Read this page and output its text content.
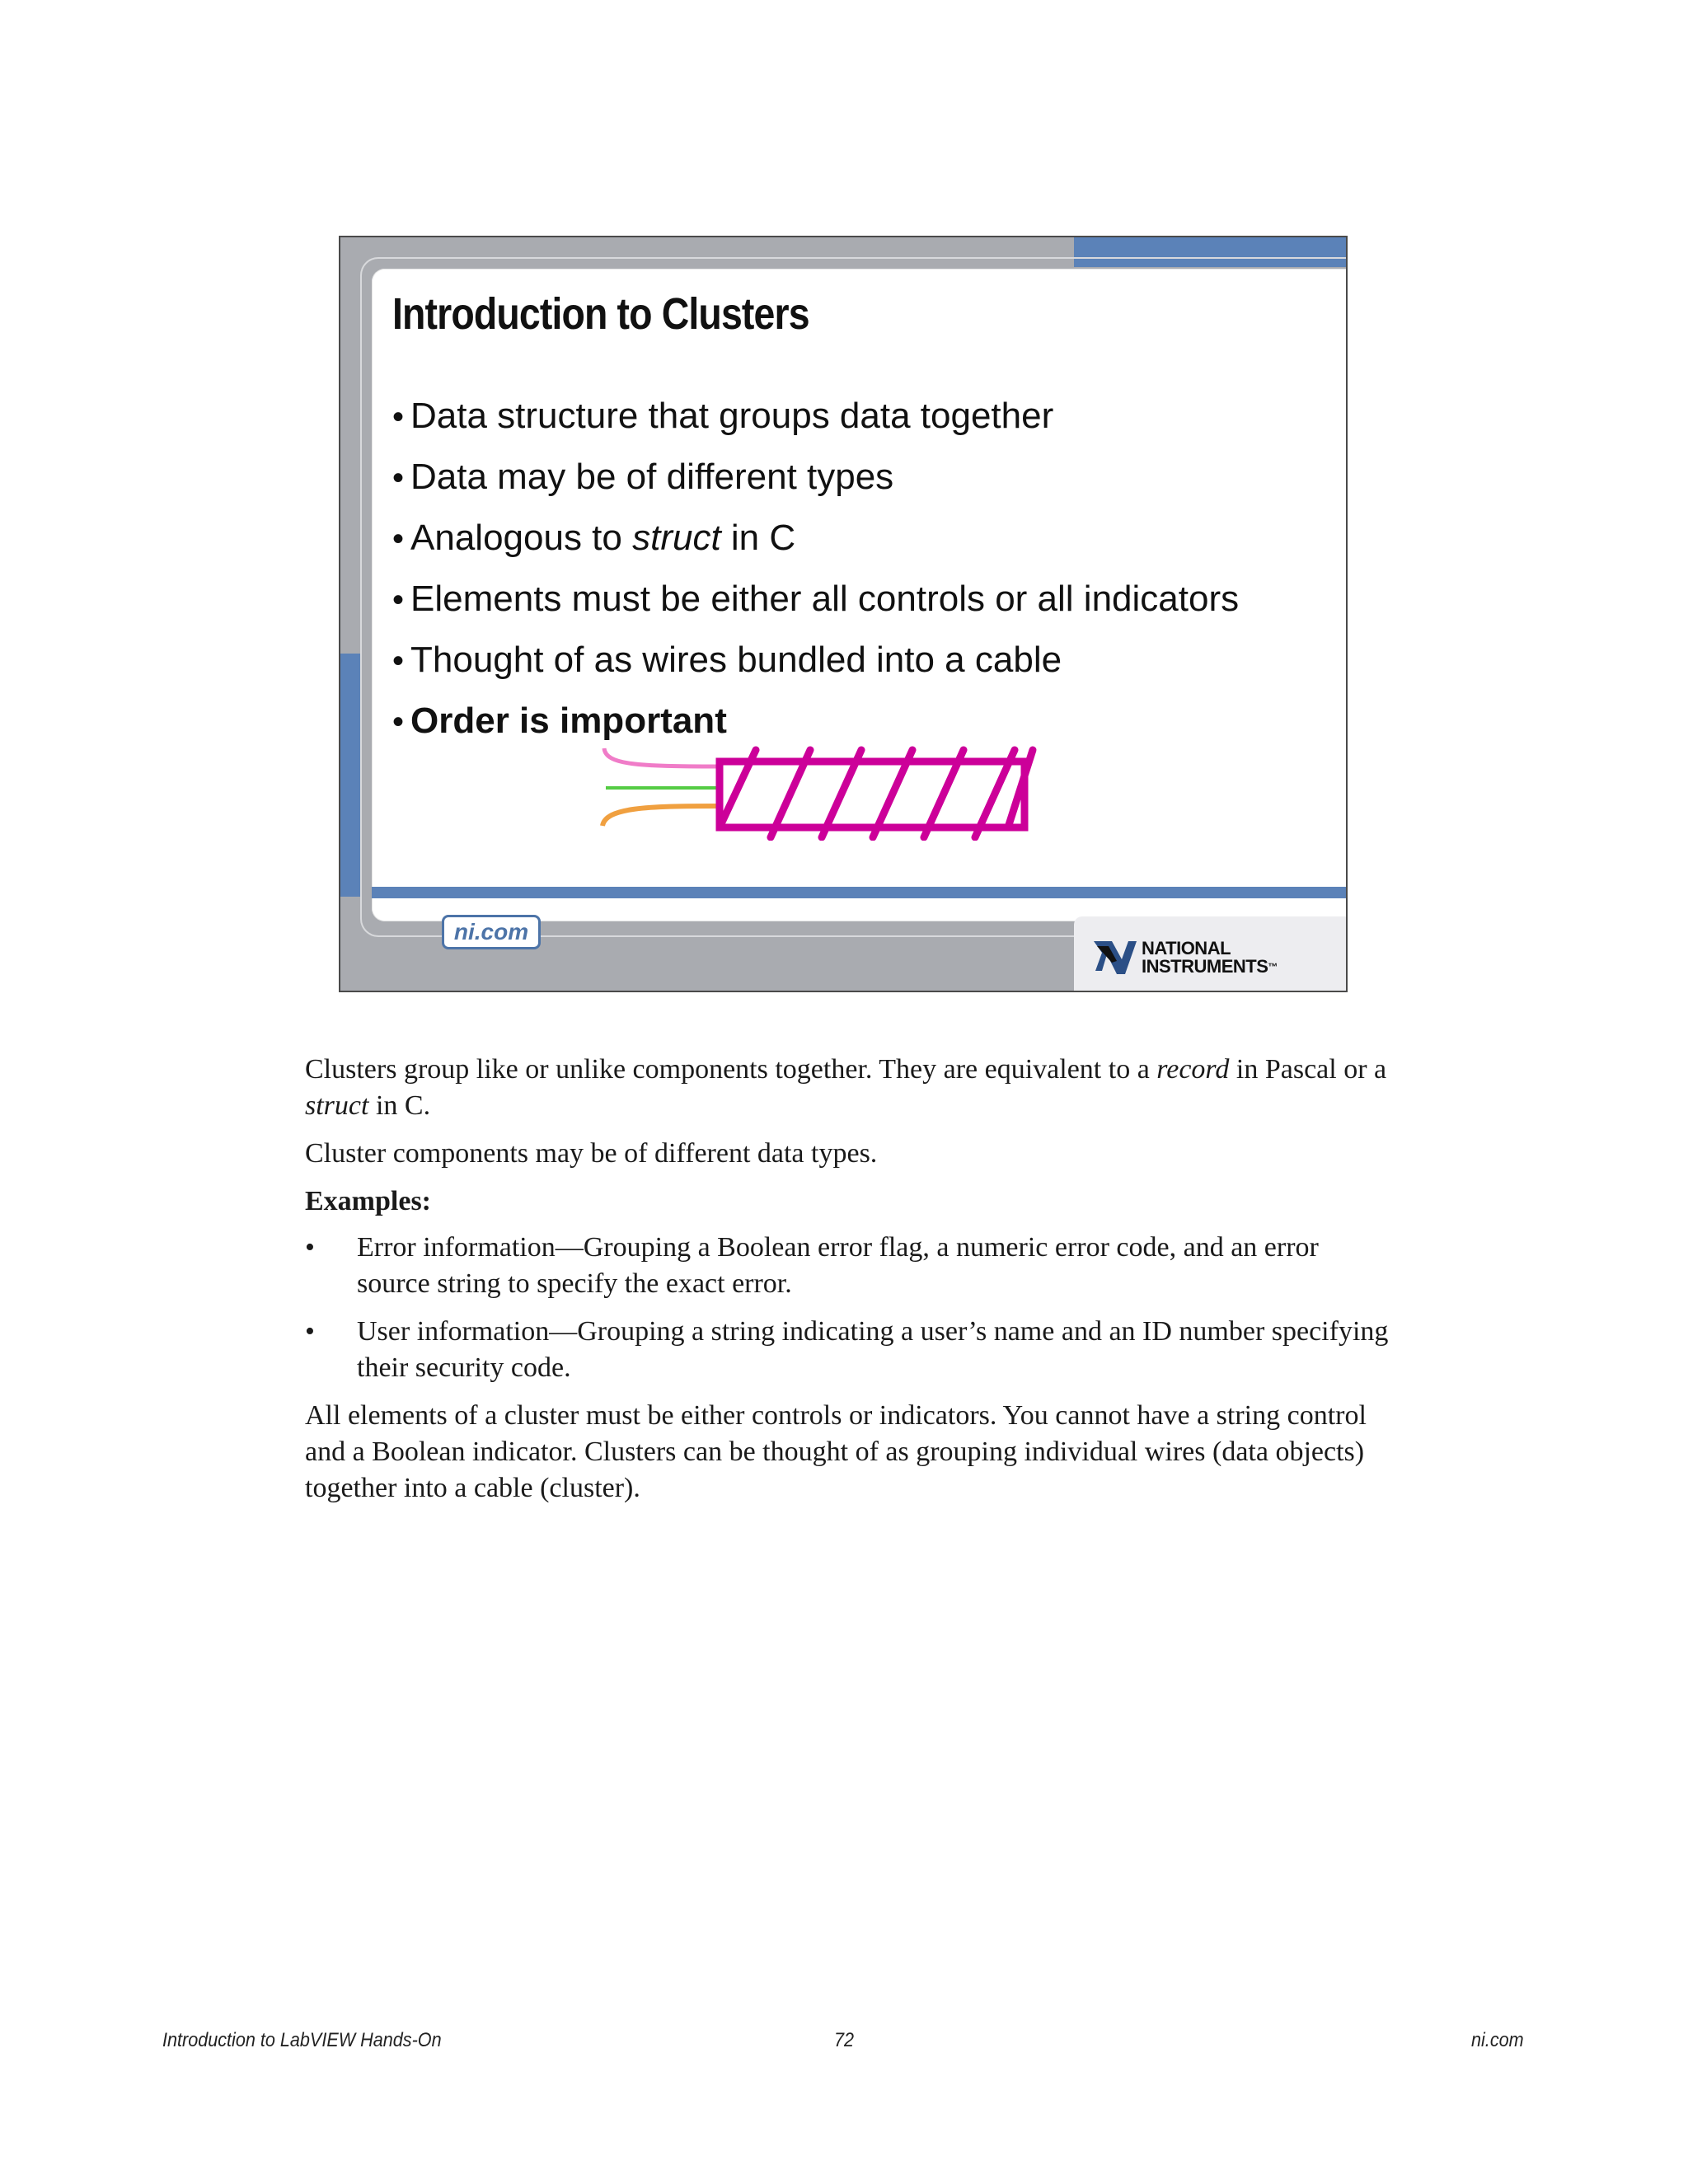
Introduction to Clusters
• Data structure that groups data together
• Data may be of different types
• Analogous to struct in C
• Elements must be either all controls or all indicators
• Thought of as wires bundled into a cable
• Order is important
ni.com
NATIONAL
INSTRUMENTS™

Clusters group like or unlike components together. They are equivalent to a record in Pascal or a struct in C.

Cluster components may be of different data types.

Examples:

• Error information—Grouping a Boolean error flag, a numeric error code, and an error source string to specify the exact error.
• User information—Grouping a string indicating a user’s name and an ID number specifying their security code.

All elements of a cluster must be either controls or indicators. You cannot have a string control and a Boolean indicator. Clusters can be thought of as grouping individual wires (data objects) together into a cable (cluster).

Introduction to LabVIEW Hands-On	72	ni.com
